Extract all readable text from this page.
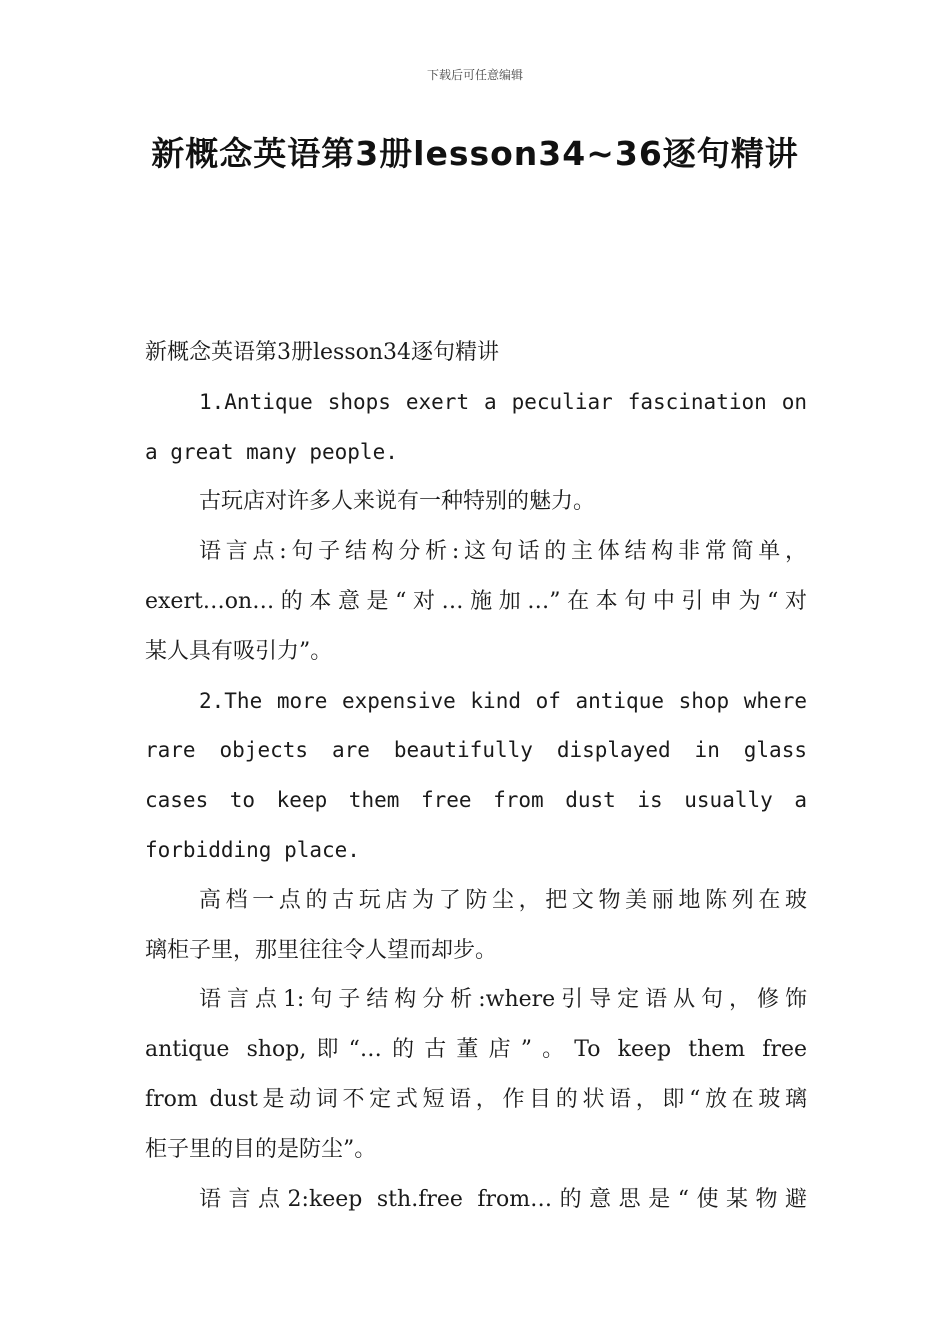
下载后可任意编辑
新概念英语第3册lesson34~36逐句精讲
新概念英语第3册lesson34逐句精讲
1.Antique shops exert a peculiar fascination on
a great many people.
古玩店对许多人来说有一种特别的魅力。
语言点:句子结构分析:这句话的主体结构非常简单，
exert…on…的本意是“对…施加…”在本句中引申为“对
某人具有吸引力”。
2.The more expensive kind of antique shop where
rare objects are beautifully displayed in glass
cases to keep them free from dust is usually a
forbidding place.
高档一点的古玩店为了防尘，把文物美丽地陈列在玻
璃柜子里，那里往往令人望而却步。
语言点1:句子结构分析:where引导定语从句，修饰
antique shop,即“…的古董店”。To keep them free
from dust是动词不定式短语，作目的状语，即“放在玻璃
柜子里的目的是防尘”。
语言点2:keep sth.free from…的意思是“使某物避
